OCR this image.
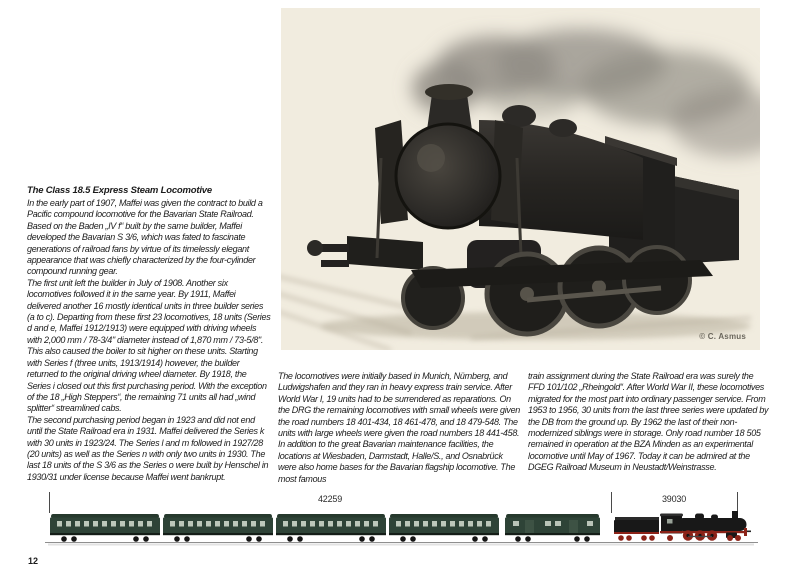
© C. Asmus
The Class 18.5 Express Steam Locomotive

In the early part of 1907, Maffei was given the contract to build a Pacific compound locomotive for the Bavarian State Railroad. Based on the Baden „IV f“ built by the same builder, Maffei developed the Bavarian S 3/6, which was fated to fascinate generations of railroad fans by virtue of its timelessly elegant appearance that was chiefly characterized by the four-cylinder compound running gear.

The first unit left the builder in July of 1908. Another six locomotives followed it in the same year. By 1911, Maffei delivered another 16 mostly identical units in three builder series (a to c). Departing from these first 23 locomotives, 18 units (Series d and e, Maffei 1912/1913) were equipped with driving wheels with 2,000 mm / 78-3/4" diameter instead of 1,870 mm / 73-5/8". This also caused the boiler to sit higher on these units. Starting with Series f (three units, 1913/1914) however, the builder returned to the original driving wheel diameter. By 1918, the Series i closed out this first purchasing period. With the exception of the 18 „High Steppers“, the remaining 71 units all had „wind splitter“ streamlined cabs.

The second purchasing period began in 1923 and did not end until the State Railroad era in 1931. Maffei delivered the Series k with 30 units in 1923/24. The Series l and m followed in 1927/28 (20 units) as well as the Series n with only two units in 1930. The last 18 units of the S 3/6 as the Series o were built by Henschel in 1930/31 under license because Maffei went bankrupt.

The locomotives were initially based in Munich, Nürnberg, and Ludwigshafen and they ran in heavy express train service. After World War I, 19 units had to be surrendered as reparations. On the DRG the remaining locomotives with small wheels were given the road numbers 18 401-434, 18 461-478, and 18 479-548. The units with large wheels were given the road numbers 18 441-458. In addition to the great Bavarian maintenance facilities, the locations at Wiesbaden, Darmstadt, Halle/S., and Osnabrück were also home bases for the Bavarian flagship locomotive. The most famous

train assignment during the State Railroad era was surely the FFD 101/102 „Rheingold“. After World War II, these locomotives migrated for the most part into ordinary passenger service. From 1953 to 1956, 30 units from the last three series were updated by the DB from the ground up. By 1962 the last of their non-modernized siblings were in storage. Only road number 18 505 remained in operation at the BZA Minden as an experimental locomotive until May of 1967. Today it can be admired at the DGEG Railroad Museum in Neustadt/Weinstrasse.

42259	39030
12
